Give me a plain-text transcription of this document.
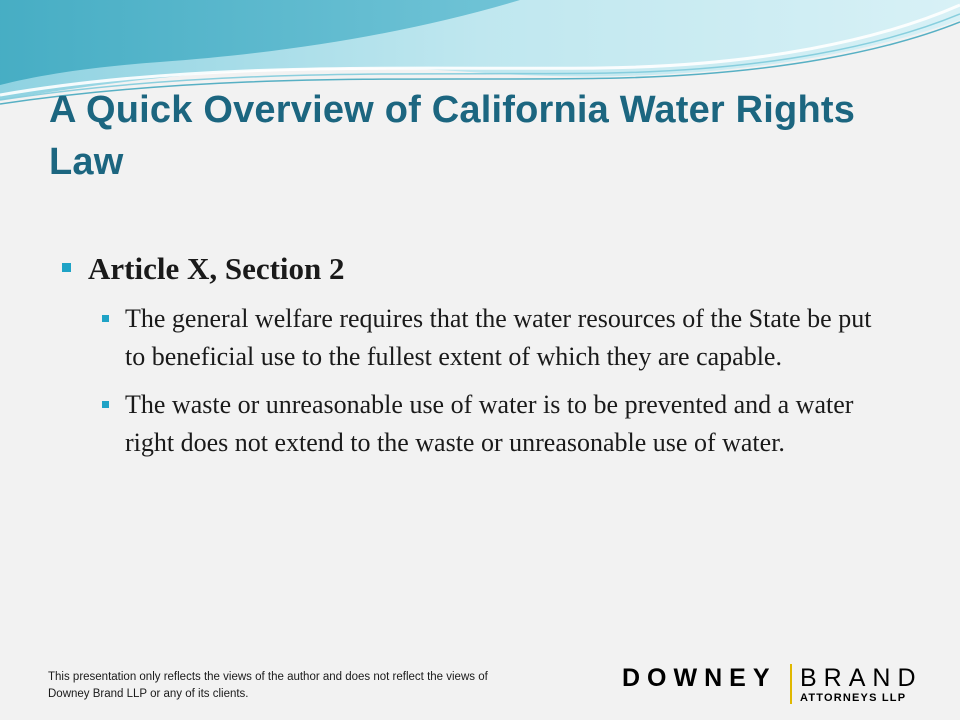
A Quick Overview of California Water Rights Law
Article X, Section 2
The general welfare requires that the water resources of the State be put to beneficial use to the fullest extent of which they are capable.
The waste or unreasonable use of water is to be prevented and a water right does not extend to the waste or unreasonable use of water.
This presentation only reflects the views of the author and does not reflect the views of Downey Brand LLP or any of its clients.
DOWNEY BRAND
ATTORNEYS LLP
